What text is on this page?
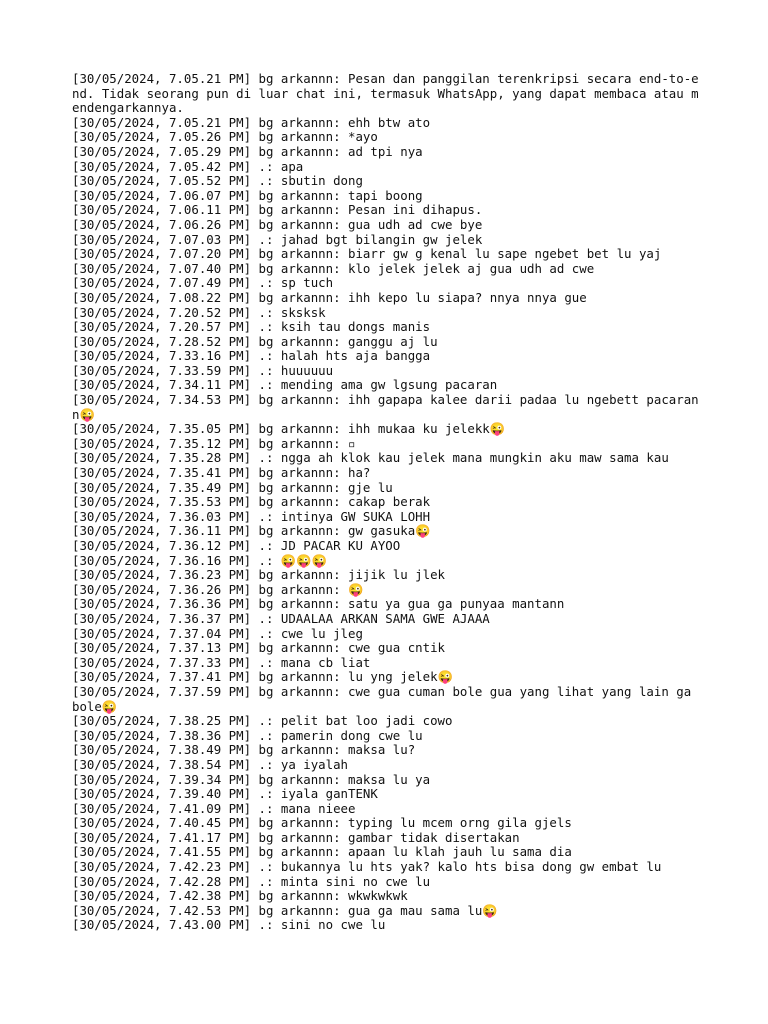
[30/05/2024, 7.05.21 PM] bg arkannn: Pesan dan panggilan terenkripsi secara end-to-end. Tidak seorang pun di luar chat ini, termasuk WhatsApp, yang dapat membaca atau mendengarkannya.
[30/05/2024, 7.05.21 PM] bg arkannn: ehh btw ato
[30/05/2024, 7.05.26 PM] bg arkannn: *ayo
[30/05/2024, 7.05.29 PM] bg arkannn: ad tpi nya
[30/05/2024, 7.05.42 PM] .: apa
[30/05/2024, 7.05.52 PM] .: sbutin dong
[30/05/2024, 7.06.07 PM] bg arkannn: tapi boong
[30/05/2024, 7.06.11 PM] bg arkannn: Pesan ini dihapus.
[30/05/2024, 7.06.26 PM] bg arkannn: gua udh ad cwe bye
[30/05/2024, 7.07.03 PM] .: jahad bgt bilangin gw jelek
[30/05/2024, 7.07.20 PM] bg arkannn: biarr gw g kenal lu sape ngebet bet lu yaj
[30/05/2024, 7.07.40 PM] bg arkannn: klo jelek jelek aj gua udh ad cwe
[30/05/2024, 7.07.49 PM] .: sp tuch
[30/05/2024, 7.08.22 PM] bg arkannn: ihh kepo lu siapa? nnya nnya gue
[30/05/2024, 7.20.52 PM] .: sksksk
[30/05/2024, 7.20.57 PM] .: ksih tau dongs manis
[30/05/2024, 7.28.52 PM] bg arkannn: ganggu aj lu
[30/05/2024, 7.33.16 PM] .: halah hts aja bangga
[30/05/2024, 7.33.59 PM] .: huuuuuu
[30/05/2024, 7.34.11 PM] .: mending ama gw lgsung pacaran
[30/05/2024, 7.34.53 PM] bg arkannn: ihh gapapa kalee darii padaa lu ngebett pacarann😜
[30/05/2024, 7.35.05 PM] bg arkannn: ihh mukaa ku jelekk😜
[30/05/2024, 7.35.12 PM] bg arkannn: ▫
[30/05/2024, 7.35.28 PM] .: ngga ah klok kau jelek mana mungkin aku maw sama kau
[30/05/2024, 7.35.41 PM] bg arkannn: ha?
[30/05/2024, 7.35.49 PM] bg arkannn: gje lu
[30/05/2024, 7.35.53 PM] bg arkannn: cakap berak
[30/05/2024, 7.36.03 PM] .: intinya GW SUKA LOHH
[30/05/2024, 7.36.11 PM] bg arkannn: gw gasuka😜
[30/05/2024, 7.36.12 PM] .: JD PACAR KU AYOO
[30/05/2024, 7.36.16 PM] .: 😜😜😜
[30/05/2024, 7.36.23 PM] bg arkannn: jijik lu jlek
[30/05/2024, 7.36.26 PM] bg arkannn: 😜
[30/05/2024, 7.36.36 PM] bg arkannn: satu ya gua ga punyaa mantann
[30/05/2024, 7.36.37 PM] .: UDAALAA ARKAN SAMA GWE AJAAA
[30/05/2024, 7.37.04 PM] .: cwe lu jleg
[30/05/2024, 7.37.13 PM] bg arkannn: cwe gua cntik
[30/05/2024, 7.37.33 PM] .: mana cb liat
[30/05/2024, 7.37.41 PM] bg arkannn: lu yng jelek😜
[30/05/2024, 7.37.59 PM] bg arkannn: cwe gua cuman bole gua yang lihat yang lain ga bole😜
[30/05/2024, 7.38.25 PM] .: pelit bat loo jadi cowo
[30/05/2024, 7.38.36 PM] .: pamerin dong cwe lu
[30/05/2024, 7.38.49 PM] bg arkannn: maksa lu?
[30/05/2024, 7.38.54 PM] .: ya iyalah
[30/05/2024, 7.39.34 PM] bg arkannn: maksa lu ya
[30/05/2024, 7.39.40 PM] .: iyala ganTENK
[30/05/2024, 7.41.09 PM] .: mana nieee
[30/05/2024, 7.40.45 PM] bg arkannn: typing lu mcem orng gila gjels
[30/05/2024, 7.41.17 PM] bg arkannn: gambar tidak disertakan
[30/05/2024, 7.41.55 PM] bg arkannn: apaan lu klah jauh lu sama dia
[30/05/2024, 7.42.23 PM] .: bukannya lu hts yak? kalo hts bisa dong gw embat lu
[30/05/2024, 7.42.28 PM] .: minta sini no cwe lu
[30/05/2024, 7.42.38 PM] bg arkannn: wkwkwkwk
[30/05/2024, 7.42.53 PM] bg arkannn: gua ga mau sama lu😜
[30/05/2024, 7.43.00 PM] .: sini no cwe lu
